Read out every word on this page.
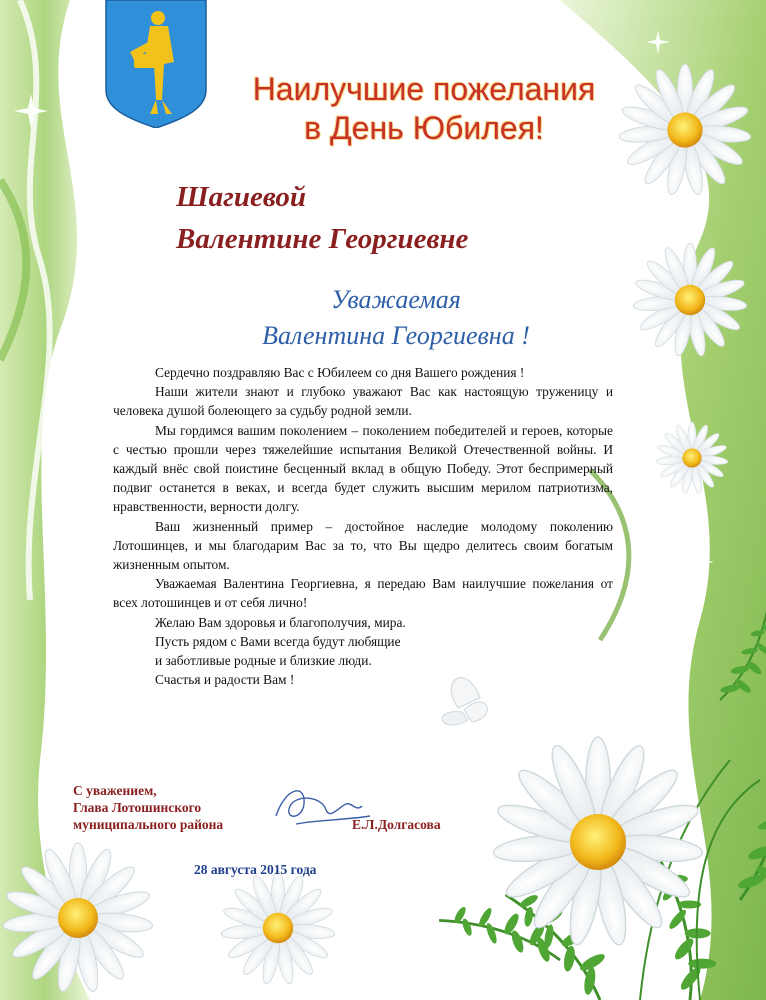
Наилучшие пожелания
в День Юбилея!
Шагиевой
Валентине Георгиевне
Уважаемая
Валентина Георгиевна !

Сердечно поздравляю Вас с Юбилеем со дня Вашего рождения !

Наши жители знают и глубоко уважают Вас как настоящую труженицу и человека душой болеющего за судьбу родной земли.

Мы гордимся вашим поколением – поколением победителей и героев, которые с честью прошли через тяжелейшие испытания Великой Отечественной войны. И каждый внёс свой поистине бесценный вклад в общую Победу. Этот беспримерный подвиг останется в веках, и всегда будет служить высшим мерилом патриотизма, нравственности, верности долгу.

Ваш жизненный пример – достойное наследие молодому поколению Лотошинцев, и мы благодарим Вас за то, что Вы щедро делитесь своим богатым жизненным опытом.

Уважаемая Валентина Георгиевна, я передаю Вам наилучшие пожелания от всех лотошинцев и от себя лично!

Желаю Вам здоровья и благополучия, мира.

Пусть рядом с Вами всегда будут любящие

и заботливые родные и близкие люди.

Счастья и радости Вам !

С уважением,
Глава Лотошинского
муниципального района	Е.Л.Долгасова
28 августа 2015 года
